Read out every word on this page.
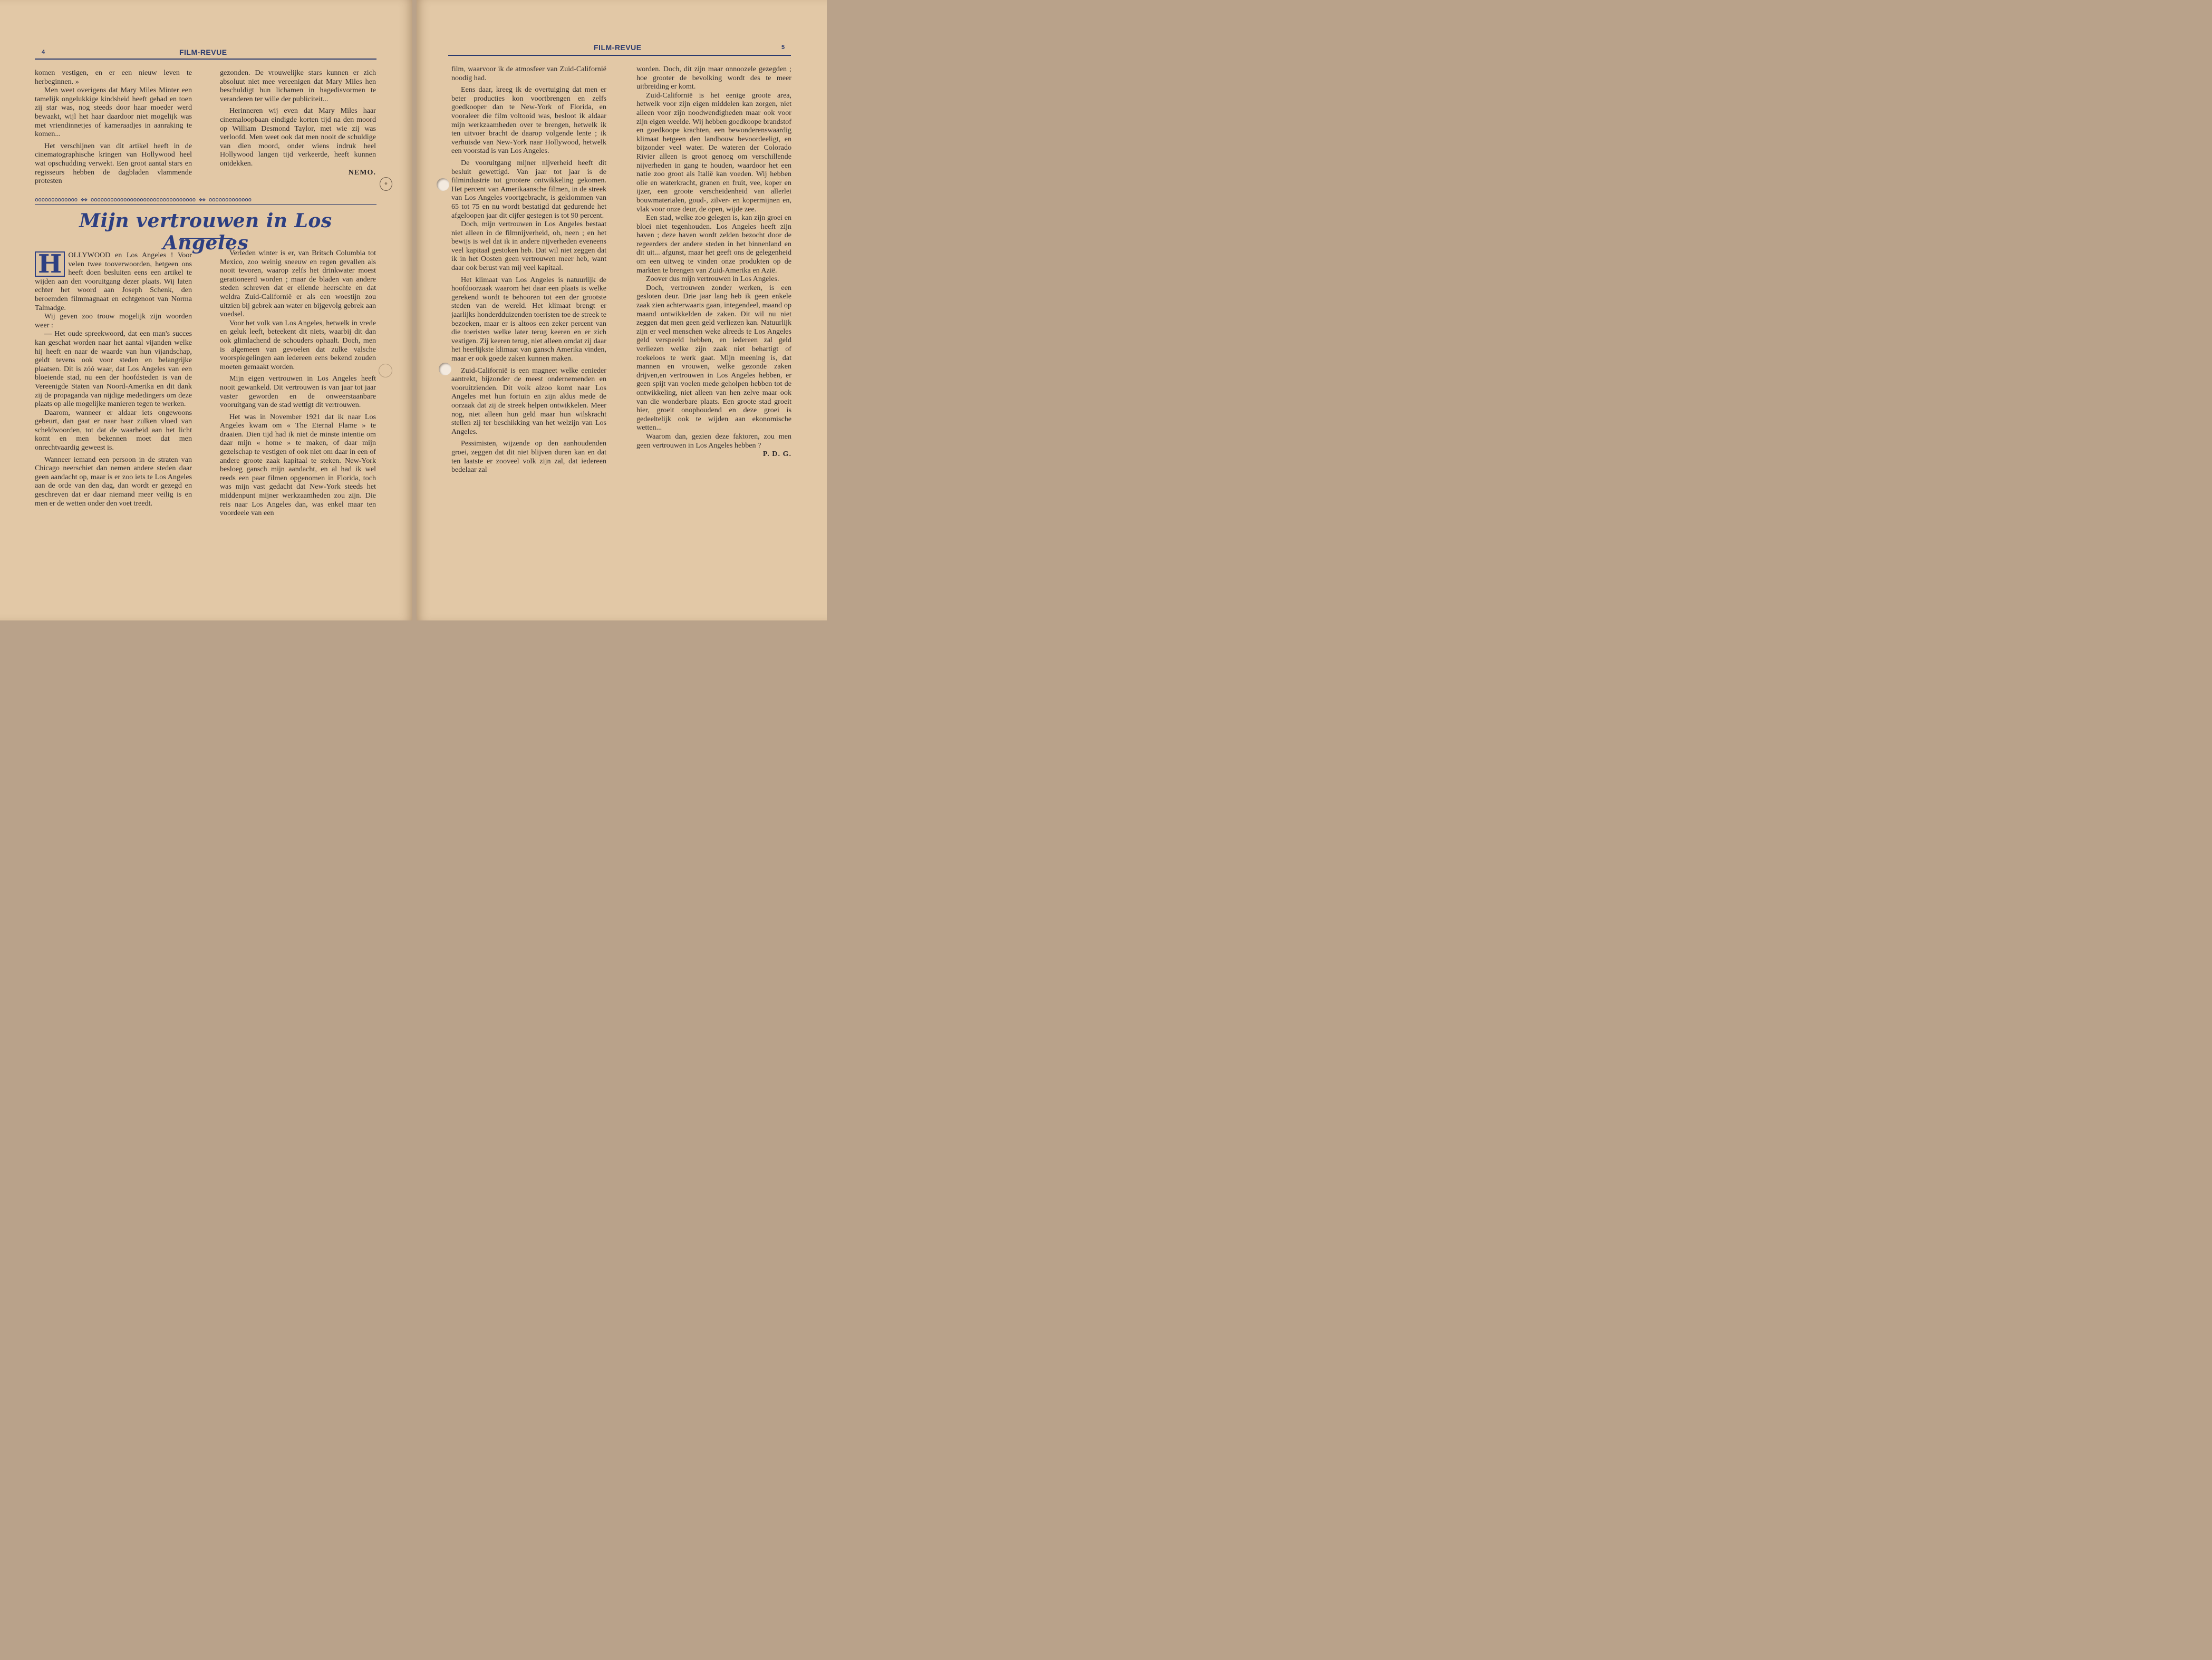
4	FILM-REVUE

komen vestigen, en er een nieuw leven te herbeginnen. »

Men weet overigens dat Mary Miles Minter een tamelijk ongelukkige kindsheid heeft gehad en toen zij star was, nog steeds door haar moeder werd bewaakt, wijl het haar daardoor niet mogelijk was met vriendinnetjes of kameraadjes in aanraking te komen...

Het verschijnen van dit artikel heeft in de cinematographische kringen van Hollywood heel wat opschudding verwekt. Een groot aantal stars en regisseurs hebben de dagbladen vlammende protesten

gezonden. De vrouwelijke stars kunnen er zich absoluut niet mee vereenigen dat Mary Miles hen beschuldigt hun lichamen in hagedisvormen te veranderen ter wille der publiciteit...

Herinneren wij even dat Mary Miles haar cinemaloopbaan eindigde korten tijd na den moord op William Desmond Taylor, met wie zij was verloofd. Men weet ook dat men nooit de schuldige van dien moord, onder wiens indruk heel Hollywood langen tijd verkeerde, heeft kunnen ontdekken.

NEMO.

⚜
ooooooooooooo ❖❖ oooooooooooooooooooooooooooooooo ❖❖ ooooooooooooo
Mijn vertrouwen in Los Angeles

H OLLYWOOD en Los Angeles ! Voor velen twee tooverwoorden, hetgeen ons heeft doen besluiten eens een artikel te wijden aan den vooruitgang dezer plaats. Wij laten echter het woord aan Joseph Schenk, den beroemden filmmagnaat en echtgenoot van Norma Talmadge.

Wij geven zoo trouw mogelijk zijn woorden weer :

— Het oude spreekwoord, dat een man's succes kan geschat worden naar het aantal vijanden welke hij heeft en naar de waarde van hun vijandschap, geldt tevens ook voor steden en belangrijke plaatsen. Dit is zóó waar, dat Los Angeles van een bloeiende stad, nu een der hoofdsteden is van de Vereenigde Staten van Noord-Amerika en dit dank zij de propaganda van nijdige mededingers om deze plaats op alle mogelijke manieren tegen te werken.

Daarom, wanneer er aldaar iets ongewoons gebeurt, dan gaat er naar haar zulken vloed van scheldwoorden, tot dat de waarheid aan het licht komt en men bekennen moet dat men onrechtvaardig geweest is.

Wanneer iemand een persoon in de straten van Chicago neerschiet dan nemen andere steden daar geen aandacht op, maar is er zoo iets te Los Angeles aan de orde van den dag, dan wordt er gezegd en geschreven dat er daar niemand meer veilig is en men er de wetten onder den voet treedt.

Verleden winter is er, van Britsch Columbia tot Mexico, zoo weinig sneeuw en regen gevallen als nooit tevoren, waarop zelfs het drinkwater moest gerationeerd worden ; maar de bladen van andere steden schreven dat er ellende heerschte en dat weldra Zuid-Californië er als een woestijn zou uitzien bij gebrek aan water en bijgevolg gebrek aan voedsel.

Voor het volk van Los Angeles, hetwelk in vrede en geluk leeft, beteekent dit niets, waarbij dit dan ook glimlachend de schouders ophaalt. Doch, men is algemeen van gevoelen dat zulke valsche voorspiegelingen aan iedereen eens bekend zouden moeten gemaakt worden.

Mijn eigen vertrouwen in Los Angeles heeft nooit gewankeld. Dit vertrouwen is van jaar tot jaar vaster geworden en de onweerstaanbare vooruitgang van de stad wettigt dit vertrouwen.

Het was in November 1921 dat ik naar Los Angeles kwam om « The Eternal Flame » te draaien. Dien tijd had ik niet de minste intentie om daar mijn « home » te maken, of daar mijn gezelschap te vestigen of ook niet om daar in een of andere groote zaak kapitaal te steken. New-York besloeg gansch mijn aandacht, en al had ik wel reeds een paar filmen opgenomen in Florida, toch was mijn vast gedacht dat New-York steeds het middenpunt mijner werkzaamheden zou zijn. Die reis naar Los Angeles dan, was enkel maar ten voordeele van een

FILM-REVUE	5

film, waarvoor ik de atmosfeer van Zuid-Californië noodig had.

Eens daar, kreeg ik de overtuiging dat men er beter producties kon voortbrengen en zelfs goedkooper dan te New-York of Florida, en vooraleer die film voltooid was, besloot ik aldaar mijn werkzaamheden over te brengen, hetwelk ik ten uitvoer bracht de daarop volgende lente ; ik verhuisde van New-York naar Hollywood, hetwelk een voorstad is van Los Angeles.

De vooruitgang mijner nijverheid heeft dit besluit gewettigd. Van jaar tot jaar is de filmindustrie tot grootere ontwikkeling gekomen. Het percent van Amerikaansche filmen, in de streek van Los Angeles voortgebracht, is geklommen van 65 tot 75 en nu wordt bestatigd dat gedurende het afgeloopen jaar dit cijfer gestegen is tot 90 percent.

Doch, mijn vertrouwen in Los Angeles bestaat niet alleen in de filmnijverheid, oh, neen ; en het bewijs is wel dat ik in andere nijverheden eveneens veel kapitaal gestoken heb. Dat wil niet zeggen dat ik in het Oosten geen vertrouwen meer heb, want daar ook berust van mij veel kapitaal.

Het klimaat van Los Angeles is natuurlijk de hoofdoorzaak waarom het daar een plaats is welke gerekend wordt te behooren tot een der grootste steden van de wereld. Het klimaat brengt er jaarlijks honderdduizenden toeristen toe de streek te bezoeken, maar er is altoos een zeker percent van die toeristen welke later terug keeren en er zich vestigen. Zij keeren terug, niet alleen omdat zij daar het heerlijkste klimaat van gansch Amerika vinden, maar er ook goede zaken kunnen maken.

Zuid-Californië is een magneet welke eenieder aantrekt, bijzonder de meest ondernemenden en vooruitzienden. Dit volk alzoo komt naar Los Angeles met hun fortuin en zijn aldus mede de oorzaak dat zij de streek helpen ontwikkelen. Meer nog, niet alleen hun geld maar hun wilskracht stellen zij ter beschikking van het welzijn van Los Angeles.

Pessimisten, wijzende op den aanhoudenden groei, zeggen dat dit niet blijven duren kan en dat ten laatste er zooveel volk zijn zal, dat iedereen bedelaar zal

worden. Doch, dit zijn maar onnoozele gezegden ; hoe grooter de bevolking wordt des te meer uitbreiding er komt.

Zuid-Californië is het eenige groote area, hetwelk voor zijn eigen middelen kan zorgen, niet alleen voor zijn noodwendigheden maar ook voor zijn eigen weelde. Wij hebben goedkoope brandstof en goedkoope krachten, een bewonderenswaardig klimaat hetgeen den landbouw bevoordeeligt, en bijzonder veel water. De wateren der Colorado Rivier alleen is groot genoeg om verschillende nijverheden in gang te houden, waardoor het een natie zoo groot als Italië kan voeden. Wij hebben olie en waterkracht, granen en fruit, vee, koper en ijzer, een groote verscheidenheid van allerlei bouwmaterialen, goud-, zilver- en kopermijnen en, vlak voor onze deur, de open, wijde zee.

Een stad, welke zoo gelegen is, kan zijn groei en bloei niet tegenhouden. Los Angeles heeft zijn haven ; deze haven wordt zelden bezocht door de regeerders der andere steden in het binnenland en dit uit... afgunst, maar het geeft ons de gelegenheid om een uitweg te vinden onze produkten op de markten te brengen van Zuid-Amerika en Azië.

Zoover dus mijn vertrouwen in Los Angeles.

Doch, vertrouwen zonder werken, is een gesloten deur. Drie jaar lang heb ik geen enkele zaak zien achterwaarts gaan, integendeel, maand op maand ontwikkelden de zaken. Dit wil nu niet zeggen dat men geen geld verliezen kan. Natuurlijk zijn er veel menschen weke alreeds te Los Angeles geld verspeeld hebben, en iedereen zal geld verliezen welke zijn zaak niet behartigt of roekeloos te werk gaat. Mijn meening is, dat mannen en vrouwen, welke gezonde zaken drijven,en vertrouwen in Los Angeles hebben, er geen spijt van voelen mede geholpen hebben tot de ontwikkeling, niet alleen van hen zelve maar ook van die wonderbare plaats. Een groote stad groeit hier, groeit onophoudend en deze groei is gedeeltelijk ook te wijden aan ekonomische wetten...

Waarom dan, gezien deze faktoren, zou men geen vertrouwen in Los Angeles hebben ?

P. D. G.
